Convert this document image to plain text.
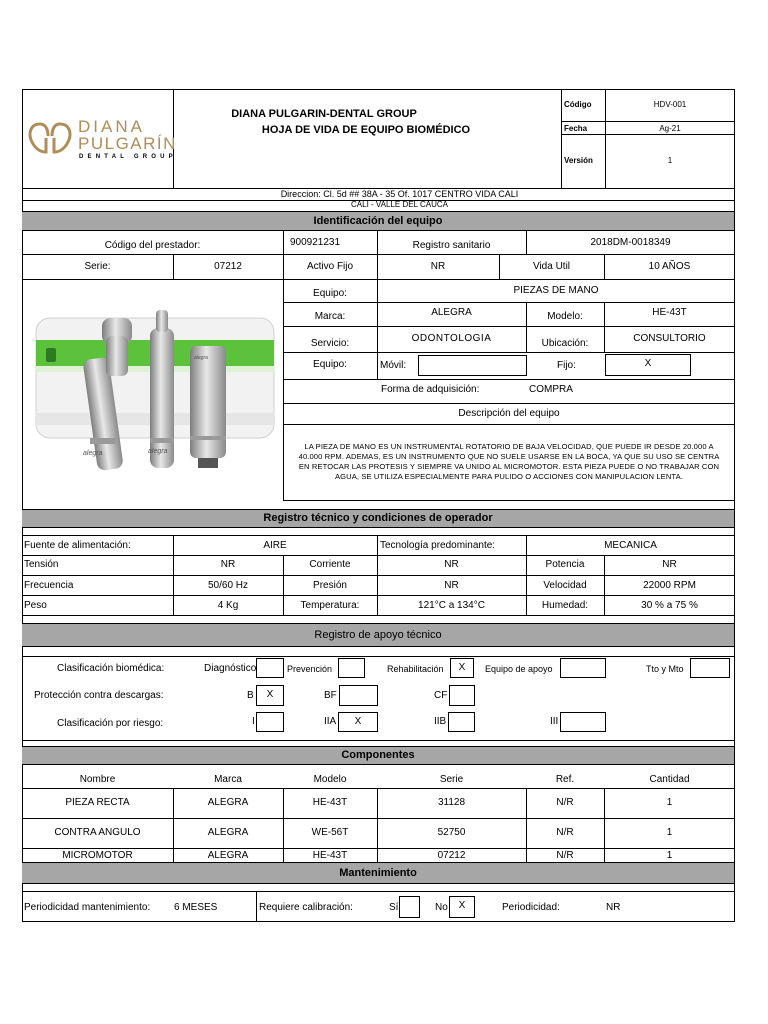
DIANA
PULGARÍN
DENTAL GROUP
DIANA PULGARIN-DENTAL GROUP
HOJA DE VIDA DE EQUIPO BIOMÉDICO
Código	HDV-001
Fecha	Ag-21
Versión	1
Direccion: Cl. 5d ## 38A - 35 Of. 1017 CENTRO VIDA CALI
CALI - VALLE DEL CAUCA
Identificación del equipo
Código del prestador:	900921231	Registro sanitario	2018DM-0018349
Serie:	07212	Activo Fijo	NR	Vida Util	10 AÑOS
alegra	alegra
alegra
Equipo:	PIEZAS DE MANO
Marca:	ALEGRA	Modelo:	HE-43T
Servicio:	ODONTOLOGIA	Ubicación:	CONSULTORIO
Equipo:	Móvil:	Fijo:	X
Forma de adquisición:	COMPRA
Descripción del equipo
LA PIEZA DE MANO ES UN INSTRUMENTAL ROTATORIO DE BAJA VELOCIDAD, QUE PUEDE IR DESDE 20.000 A
40.000 RPM. ADEMAS, ES UN INSTRUMENTO QUE NO SUELE USARSE EN LA BOCA, YA QUE SU USO SE CENTRA
EN RETOCAR LAS PROTESIS Y SIEMPRE VA UNIDO AL MICROMOTOR. ESTA PIEZA PUEDE O NO TRABAJAR CON
AGUA, SE UTILIZA ESPECIALMENTE PARA PULIDO O ACCIONES CON MANIPULACION LENTA.
Registro técnico y condiciones de operador
Fuente de alimentación:	AIRE	Tecnología predominante:	MECANICA
Tensión	NR	Corriente	NR	Potencia	NR
Frecuencia	50/60 Hz	Presión	NR	Velocidad	22000 RPM
Peso	4 Kg	Temperatura:	121°C a 134°C	Humedad:	30 % a 75 %
Registro de apoyo técnico
Clasificación biomédica:	Diagnóstico	Prevención	Rehabilitación	X	Equipo de apoyo	Tto y Mto
Protección contra descargas:	B	X	BF	CF
Clasificación por riesgo:	I	IIA	X	IIB	III
Componentes
Nombre	Marca	Modelo	Serie	Ref.	Cantidad
PIEZA RECTA	ALEGRA	HE-43T	31128	N/R	1
CONTRA ANGULO	ALEGRA	WE-56T	52750	N/R	1
MICROMOTOR	ALEGRA	HE-43T	07212	N/R	1
Mantenimiento
Periodicidad mantenimiento: 6 MESES	Requiere calibración:	Sí	No	X	Periodicidad:	NR
